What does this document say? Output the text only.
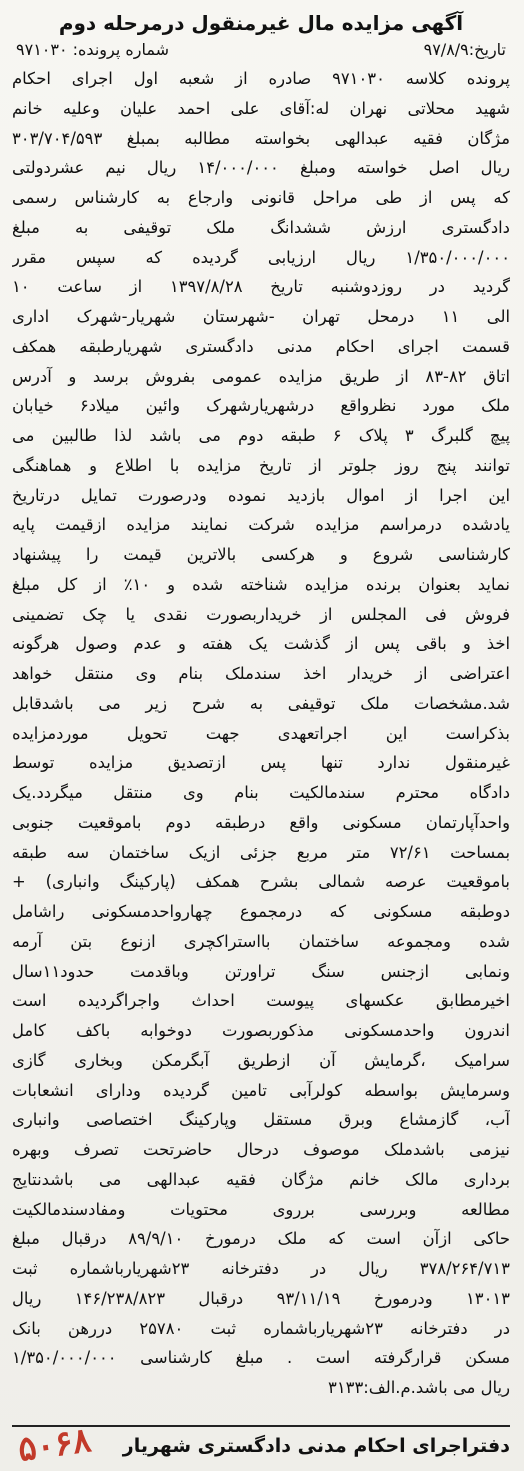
آگهی مزایده مال غیرمنقول درمرحله دوم
تاریخ:۹۷/۸/۹
شماره پرونده: ۹۷۱۰۳۰

پرونده کلاسه ۹۷۱۰۳۰ صادره از شعبه اول اجرای احکام

شهید محلاتی نهران له:آقای علی احمد علیان وعلیه خانم

مژگان فقیه عبدالهی بخواسته مطالبه بمبلغ ۳۰۳/۷۰۴/۵۹۳

ریال اصل خواسته ومبلغ ۱۴/۰۰۰/۰۰۰ ریال نیم عشردولتی

که پس از طی مراحل قانونی وارجاع به کارشناس رسمی

دادگستری ارزش ششدانگ ملک توقیفی به مبلغ

۱/۳۵۰/۰۰۰/۰۰۰ ریال ارزیابی گردیده که سپس مقرر

گردید در روزدوشنبه تاریخ ۱۳۹۷/۸/۲۸ از ساعت ۱۰

الی ۱۱ درمحل تهران -شهرستان شهریار-شهرک اداری

قسمت اجرای احکام مدنی دادگستری شهریارطبقه همکف

اتاق ۸۲-۸۳ از طریق مزایده عمومی بفروش برسد و آدرس

ملک مورد نظرواقع درشهریارشهرک وائین میلاد۶ خیابان

پیچ گلبرگ ۳ پلاک ۶ طبقه دوم می باشد لذا طالبین می

توانند پنج روز جلوتر از تاریخ مزایده با اطلاع و هماهنگی

این اجرا از اموال بازدید نموده ودرصورت تمایل درتاریخ

یادشده درمراسم مزایده شرکت نمایند مزایده ازقیمت پایه

کارشناسی شروع و هرکسی بالاترین قیمت را پیشنهاد

نماید بعنوان برنده مزایده شناخته شده و ۱۰٪ از کل مبلغ

فروش فی المجلس از خریداربصورت نقدی یا چک تضمینی

اخذ و باقی پس از گذشت یک هفته و عدم وصول هرگونه

اعتراضی از خریدار اخذ سندملک بنام وی منتقل خواهد

شد.مشخصات ملک توقیفی به شرح زیر می باشدقابل

بذکراست این اجراتعهدی جهت تحویل موردمزایده

غیرمنقول ندارد تنها پس ازتصدیق مزایده توسط

دادگاه محترم سندمالکیت بنام وی منتقل میگردد.یک

واحدآپارتمان مسکونی واقع درطبقه دوم باموقعیت جنوبی

بمساحت ۷۲/۶۱ متر مربع جزئی ازیک ساختمان سه طبقه

باموقعیت عرصه شمالی بشرح همکف (پارکینگ وانباری) +

دوطبقه مسکونی که درمجموع چهارواحدمسکونی راشامل

شده ومجموعه ساختمان بااستراکچری ازنوع بتن آرمه

ونمابی ازجنس سنگ تراورتن وباقدمت حدود۱۱سال

اخیرمطابق عکسهای پیوست احداث واجراگردیده است

اندرون واحدمسکونی مذکوربصورت دوخوابه باکف کامل

سرامیک ،گرمایش آن ازطریق آبگرمکن وبخاری گازی

وسرمایش بواسطه کولرآبی تامین گردیده ودارای انشعابات

آب، گازمشاع وبرق مستقل وپارکینگ اختصاصی وانباری

نیزمی باشدملک موصوف درحال حاضرتحت تصرف وبهره

برداری مالک خانم مژگان فقیه عبدالهی می باشدنتایج

مطالعه وبررسی برروی محتویات ومفادسندمالکیت

حاکی ازآن است که ملک درمورخ ۸۹/۹/۱۰ درقبال مبلغ

۳۷۸/۲۶۴/۷۱۳ ریال در دفترخانه ۲۳شهریارباشماره ثبت

۱۳۰۱۳ ودرمورخ ۹۳/۱۱/۱۹ درقبال ۱۴۶/۲۳۸/۸۲۳ ریال

در دفترخانه ۲۳شهریارباشماره ثبت ۲۵۷۸۰ دررهن بانک

مسکن قرارگرفته است . مبلغ کارشناسی ۱/۳۵۰/۰۰۰/۰۰۰

ریال می باشد.م.الف:۳۱۳۳

دفتراجرای احکام مدنی دادگستری شهریار
۵۰۶۸
